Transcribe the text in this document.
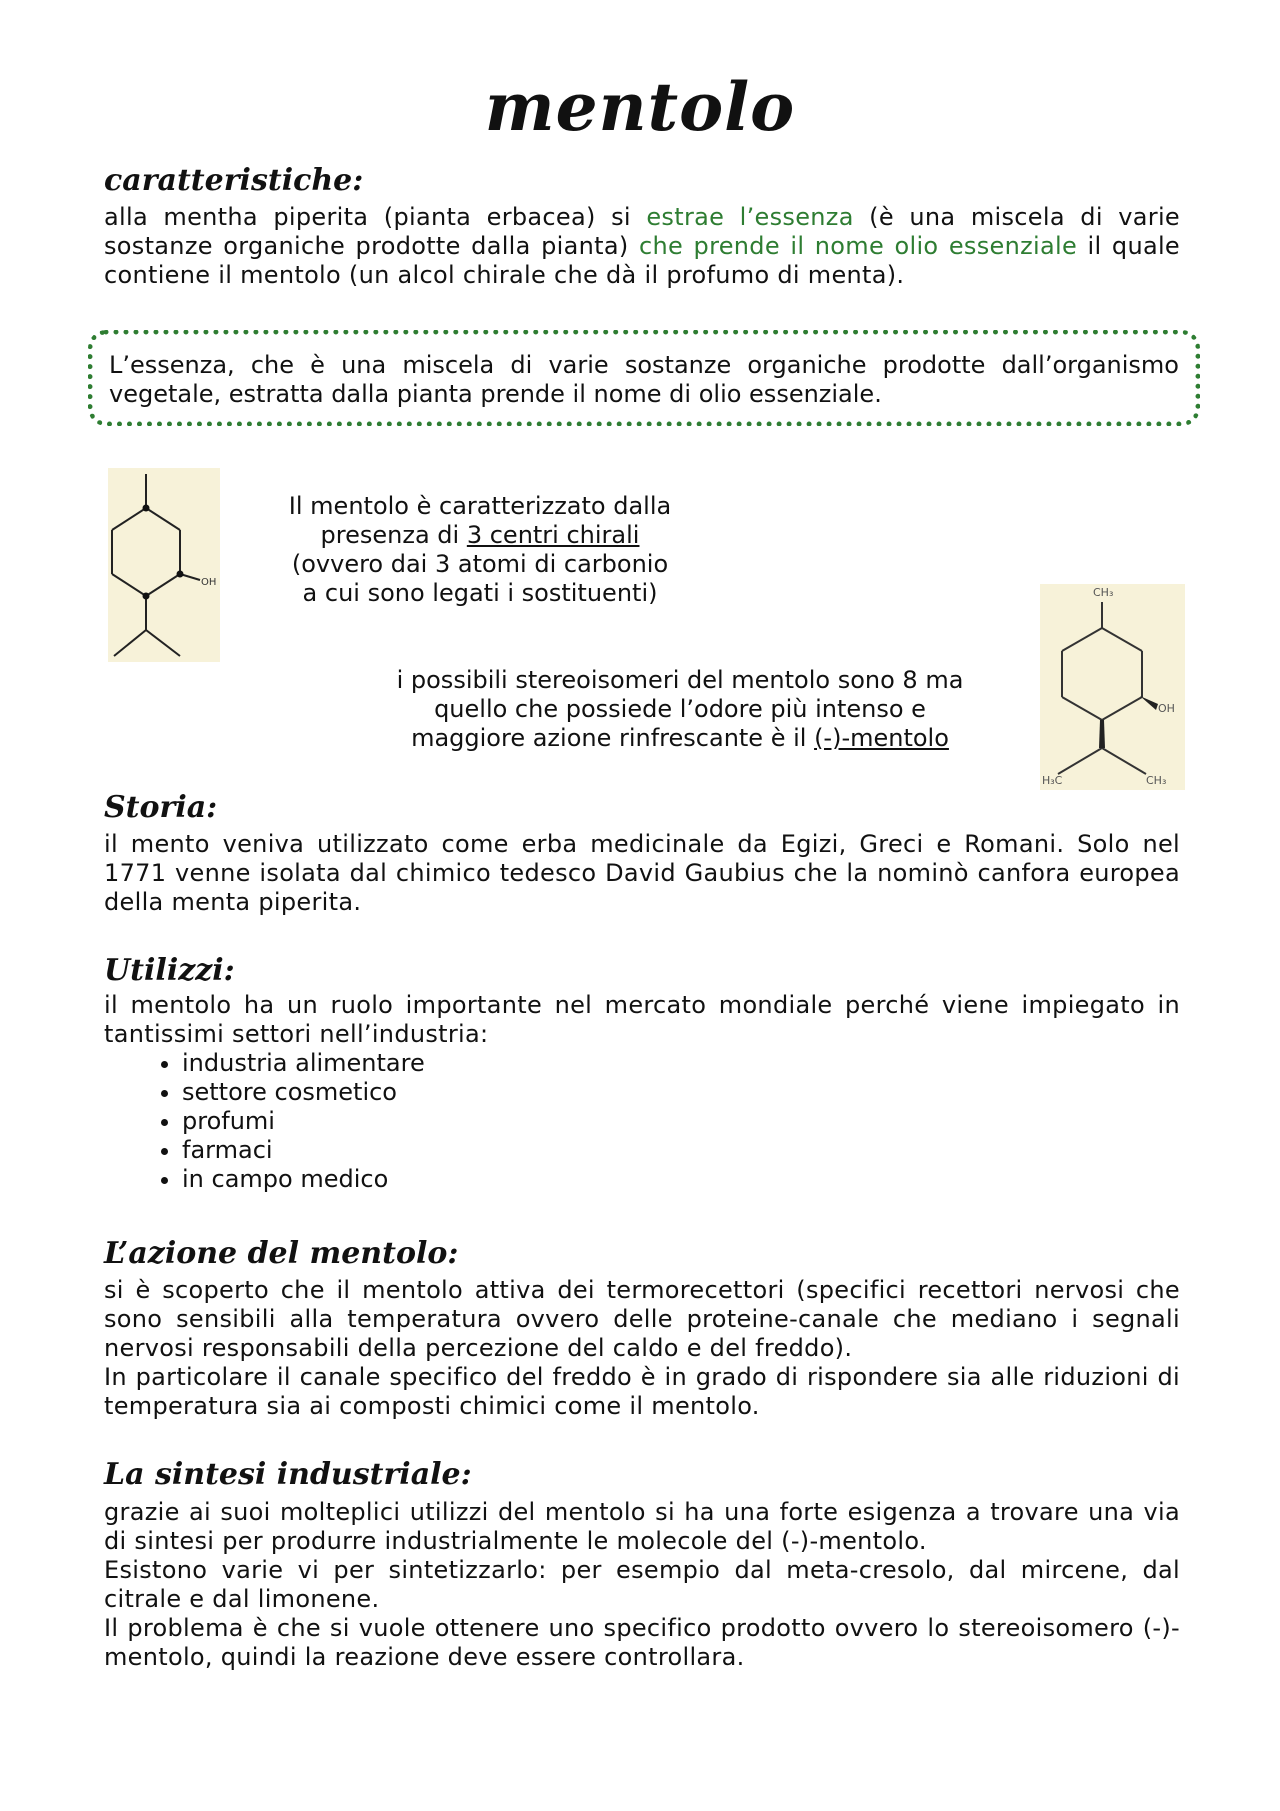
mentolo
caratteristiche:

alla mentha piperita (pianta erbacea) si estrae l’essenza (è una miscela di varie sostanze organiche prodotte dalla pianta) che prende il nome olio essenziale il quale contiene il mentolo (un alcol chirale che dà il profumo di menta).

L’essenza, che è una miscela di varie sostanze organiche prodotte dall’organismo vegetale, estratta dalla pianta prende il nome di olio essenziale.

OH
Il mentolo è caratterizzato dalla
presenza di 3 centri chirali
(ovvero dai 3 atomi di carbonio
a cui sono legati i sostituenti)
i possibili stereoisomeri del mentolo sono 8 ma
quello che possiede l’odore più intenso e
maggiore azione rinfrescante è il (-)-mentolo
CH₃
OH
H₃C	CH₃
Storia:

il mento veniva utilizzato come erba medicinale da Egizi, Greci e Romani. Solo nel 1771 venne isolata dal chimico tedesco David Gaubius che la nominò canfora europea della menta piperita.

Utilizzi:

il mentolo ha un ruolo importante nel mercato mondiale perché viene impiegato in tantissimi settori nell’industria:

• industria alimentare
• settore cosmetico
• profumi
• farmaci
• in campo medico
L’azione del mentolo:
si è scoperto che il mentolo attiva dei termorecettori (specifici recettori nervosi che sono sensibili alla temperatura ovvero delle proteine-canale che mediano i segnali nervosi responsabili della percezione del caldo e del freddo).
In particolare il canale specifico del freddo è in grado di rispondere sia alle riduzioni di temperatura sia ai composti chimici come il mentolo.
La sintesi industriale:
grazie ai suoi molteplici utilizzi del mentolo si ha una forte esigenza a trovare una via di sintesi per produrre industrialmente le molecole del (-)-mentolo.
Esistono varie vi per sintetizzarlo: per esempio dal meta-cresolo, dal mircene, dal citrale e dal limonene.
Il problema è che si vuole ottenere uno specifico prodotto ovvero lo stereoisomero (-)-mentolo, quindi la reazione deve essere controllara.
